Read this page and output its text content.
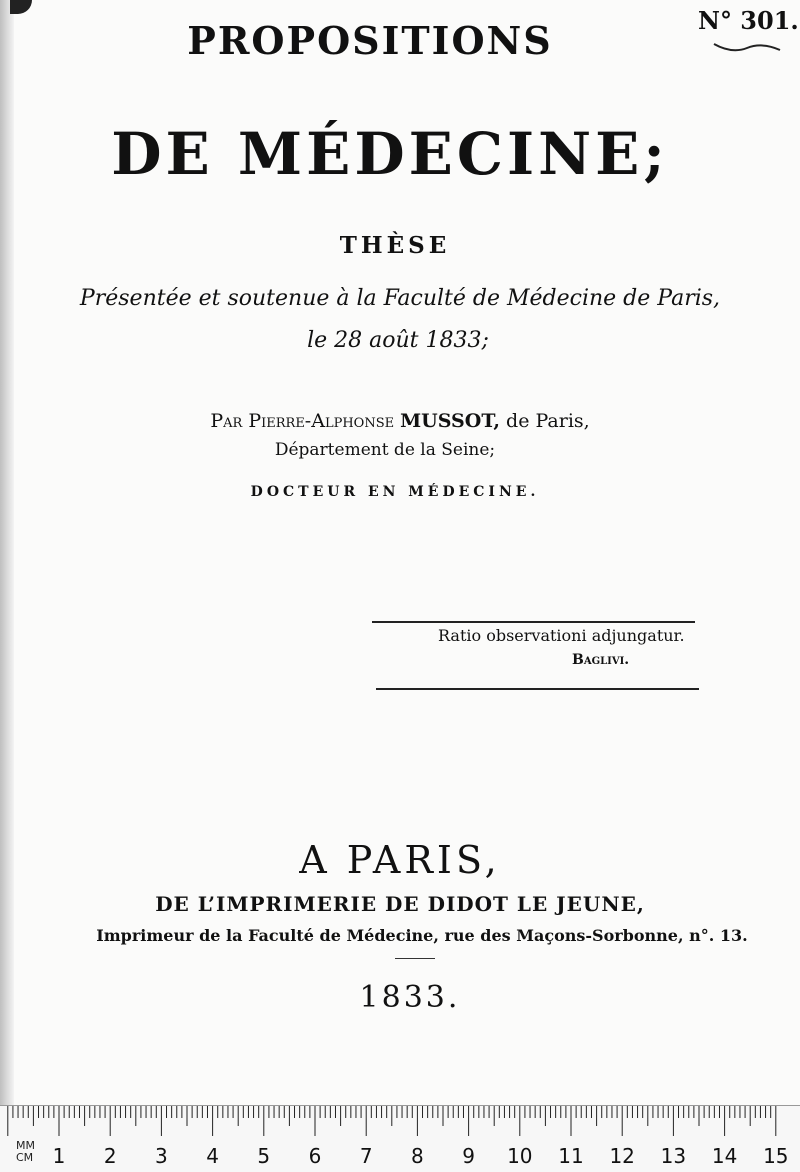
N° 301.
PROPOSITIONS
DE MÉDECINE;
THÈSE
Présentée et soutenue à la Faculté de Médecine de Paris,
le 28 août 1833;
Par Pierre-Alphonse MUSSOT, de Paris,
Département de la Seine;
DOCTEUR EN MÉDECINE.
Ratio observationi adjungatur.
Baglivi.
A PARIS,
DE L’IMPRIMERIE DE DIDOT LE JEUNE,
Imprimeur de la Faculté de Médecine, rue des Maçons-Sorbonne, n°. 13.
1833.
MM
CM 1 2 3 4 5 6 7 8 9 10 11 12 13 14 15
